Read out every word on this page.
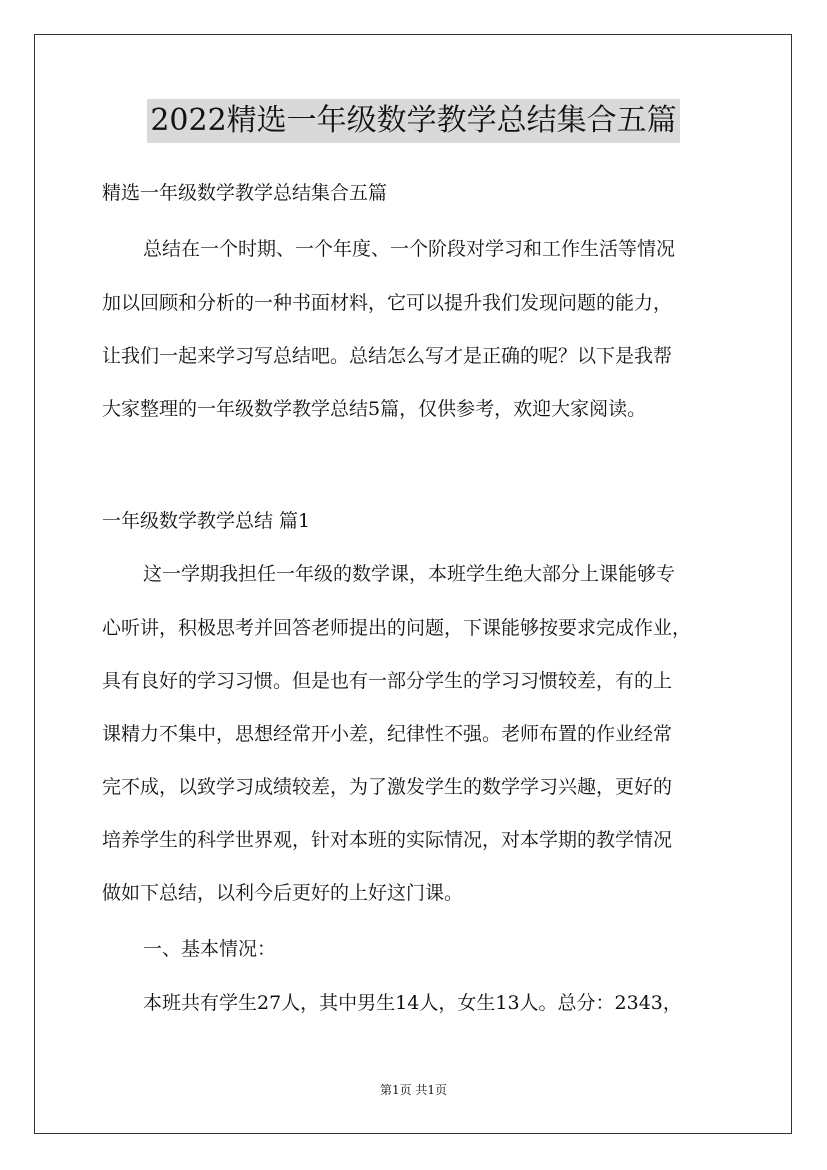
2022精选一年级数学教学总结集合五篇
精选一年级数学教学总结集合五篇
总结在一个时期、一个年度、一个阶段对学习和工作生活等情况
加以回顾和分析的一种书面材料，它可以提升我们发现问题的能力，
让我们一起来学习写总结吧。总结怎么写才是正确的呢？以下是我帮
大家整理的一年级数学教学总结5篇，仅供参考，欢迎大家阅读。
一年级数学教学总结 篇1
这一学期我担任一年级的数学课，本班学生绝大部分上课能够专
心听讲，积极思考并回答老师提出的问题，下课能够按要求完成作业，
具有良好的学习习惯。但是也有一部分学生的学习习惯较差，有的上
课精力不集中，思想经常开小差，纪律性不强。老师布置的作业经常
完不成，以致学习成绩较差，为了激发学生的数学学习兴趣，更好的
培养学生的科学世界观，针对本班的实际情况，对本学期的教学情况
做如下总结，以利今后更好的上好这门课。
一、基本情况：
本班共有学生27人，其中男生14人，女生13人。总分：2343，
第1页 共1页
